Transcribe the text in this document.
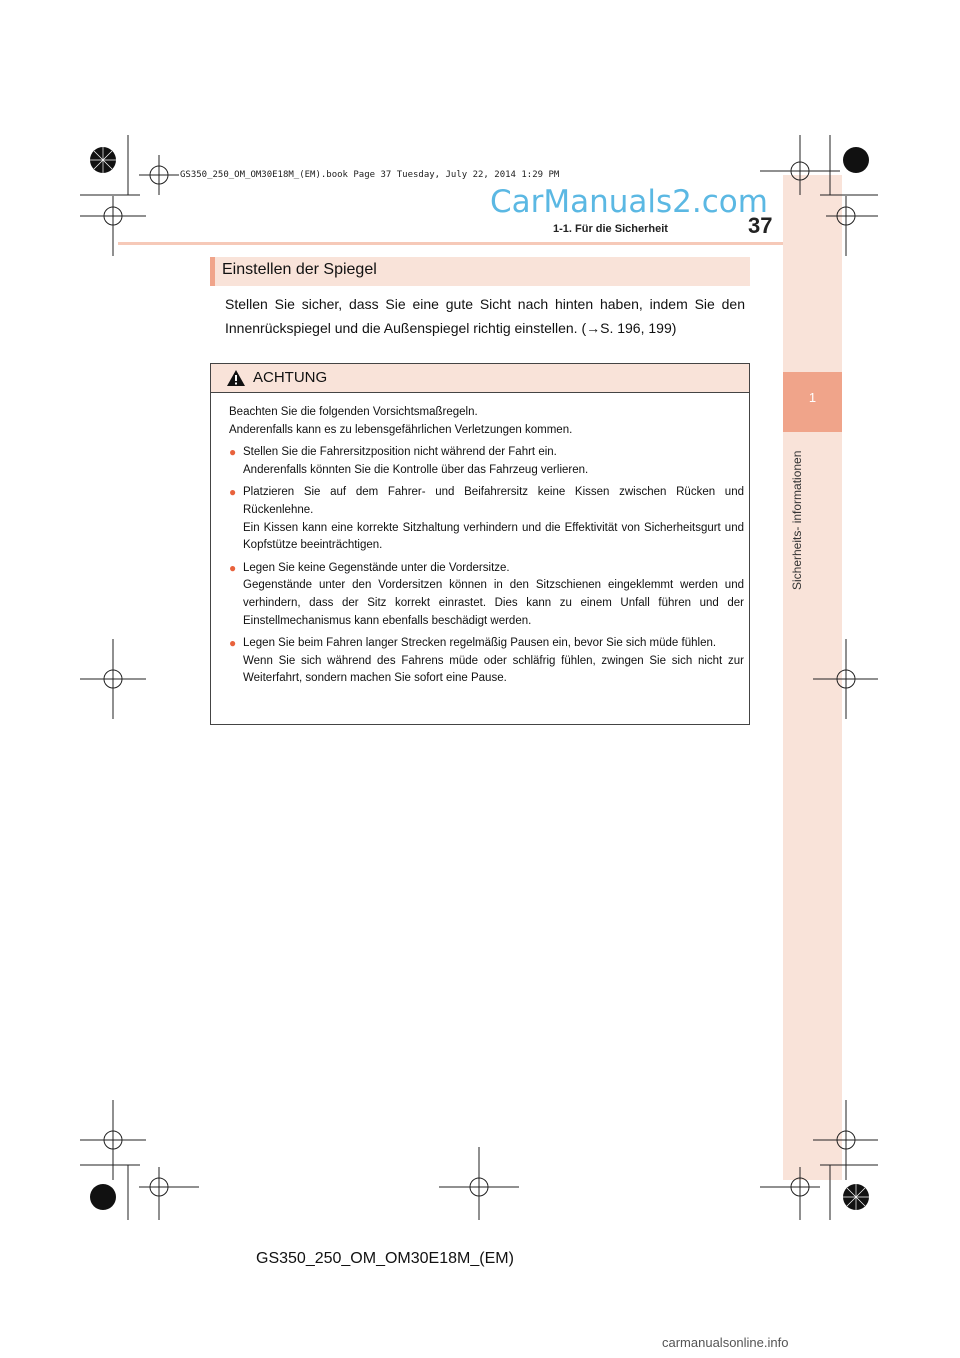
1
Sicherheits- informationen
GS350_250_OM_OM30E18M_(EM).book Page 37 Tuesday, July 22, 2014 1:29 PM
CarManuals2.com
1-1. Für die Sicherheit	37
Einstellen der Spiegel
Stellen Sie sicher, dass Sie eine gute Sicht nach hinten haben, indem Sie den Innenrückspiegel und die Außenspiegel richtig einstellen. (→S. 196, 199)
ACHTUNG

Beachten Sie die folgenden Vorsichtsmaßregeln.

Anderenfalls kann es zu lebensgefährlichen Verletzungen kommen.

● Stellen Sie die Fahrersitzposition nicht während der Fahrt ein.
Anderenfalls könnten Sie die Kontrolle über das Fahrzeug verlieren.

● Platzieren Sie auf dem Fahrer- und Beifahrersitz keine Kissen zwischen Rücken und Rückenlehne.
Ein Kissen kann eine korrekte Sitzhaltung verhindern und die Effektivität von Sicherheitsgurt und Kopfstütze beeinträchtigen.

● Legen Sie keine Gegenstände unter die Vordersitze.
Gegenstände unter den Vordersitzen können in den Sitzschienen eingeklemmt werden und verhindern, dass der Sitz korrekt einrastet. Dies kann zu einem Unfall führen und der Einstellmechanismus kann ebenfalls beschädigt werden.

● Legen Sie beim Fahren langer Strecken regelmäßig Pausen ein, bevor Sie sich müde fühlen.
Wenn Sie sich während des Fahrens müde oder schläfrig fühlen, zwingen Sie sich nicht zur Weiterfahrt, sondern machen Sie sofort eine Pause.

GS350_250_OM_OM30E18M_(EM)
carmanualsonline.info
